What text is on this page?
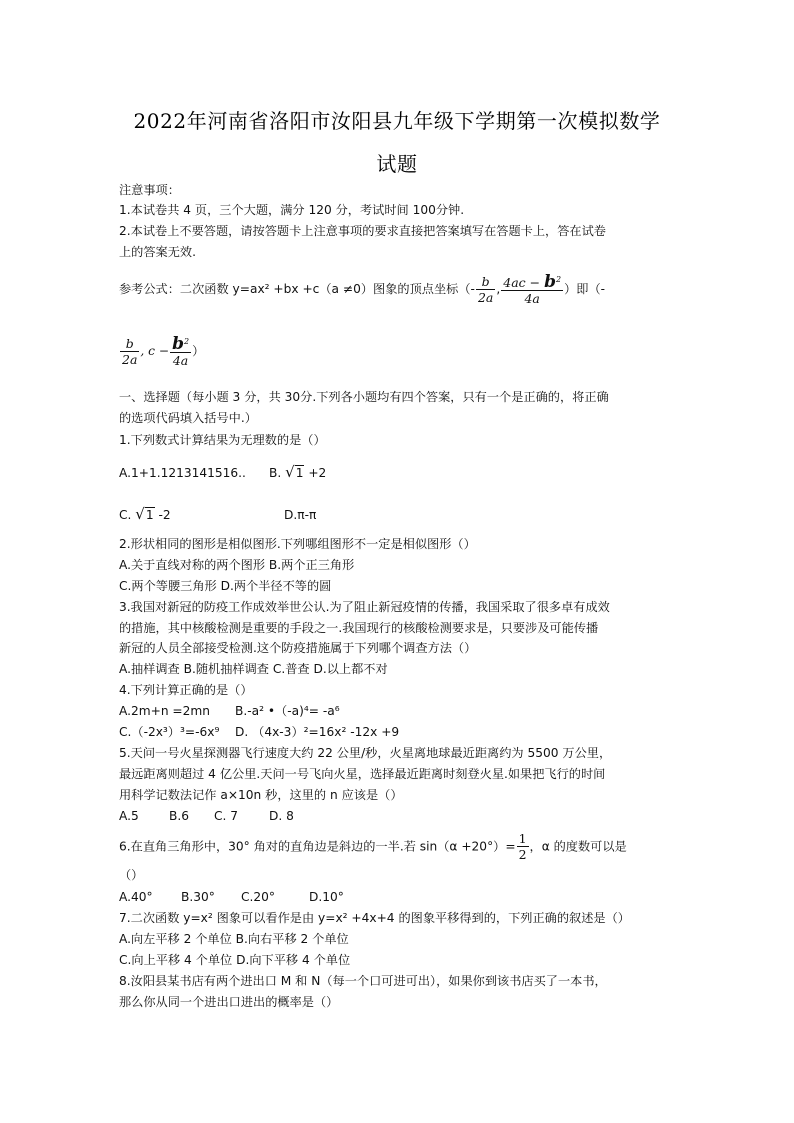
2022年河南省洛阳市汝阳县九年级下学期第一次模拟数学
试题
注意事项：
1.本试卷共 4 页，三个大题，满分 120 分，考试时间 100分钟.
2.本试卷上不要答题，请按答题卡上注意事项的要求直接把答案填写在答题卡上，答在试卷
上的答案无效.
参考公式：二次函数 y=ax² +bx +c（a ≠0）图象的顶点坐标（- $\frac{b}{2a}$ , $\frac{4ac - b^2}{4a}$ ）即（-
$\frac{b}{2a}$ , $c - \frac{b^2}{4a}$ ）
一、选择题（每小题 3 分，共 30分.下列各小题均有四个答案，只有一个是正确的，将正确
的选项代码填入括号中.）
1.下列数式计算结果为无理数的是（）
A.1+1.1213141516.. B. √1 +2
C. √1 -2	D.π-π
2.形状相同的图形是相似图形.下列哪组图形不一定是相似图形（）
A.关于直线对称的两个图形 B.两个正三角形
C.两个等腰三角形 D.两个半径不等的圆
3.我国对新冠的防疫工作成效举世公认.为了阻止新冠疫情的传播，我国采取了很多卓有成效
的措施，其中核酸检测是重要的手段之一.我国现行的核酸检测要求是，只要涉及可能传播
新冠的人员全部接受检测.这个防疫措施属于下列哪个调查方法（）
A.抽样调查 B.随机抽样调查 C.普查 D.以上都不对
4.下列计算正确的是（）
A.2m+n =2mn B.-a² •（-a)⁴= -a⁶
C.（-2x³）³=-6x⁹ D. （4x-3）²=16x² -12x +9
5.天问一号火星探测器飞行速度大约 22 公里/秒，火星离地球最近距离约为 5500 万公里，
最远距离则超过 4 亿公里.天问一号飞向火星，选择最近距离时刻登火星.如果把飞行的时间
用科学记数法记作 a×10n 秒，这里的 n 应该是（）
A.5 B.6 C. 7	D. 8
6.在直角三角形中，30° 角对的直角边是斜边的一半.若 $\sin(\alpha +20^\circ)= \frac{1}{2}$ ，α 的度数可以是
（）
A.40° B.30° C.20°	D.10°
7.二次函数 y=x² 图象可以看作是由 y=x² +4x+4 的图象平移得到的，下列正确的叙述是（）
A.向左平移 2 个单位 B.向右平移 2 个单位
C.向上平移 4 个单位 D.向下平移 4 个单位
8.汝阳县某书店有两个进出口 M 和 N（每一个口可进可出），如果你到该书店买了一本书，
那么你从同一个进出口进出的概率是（）
